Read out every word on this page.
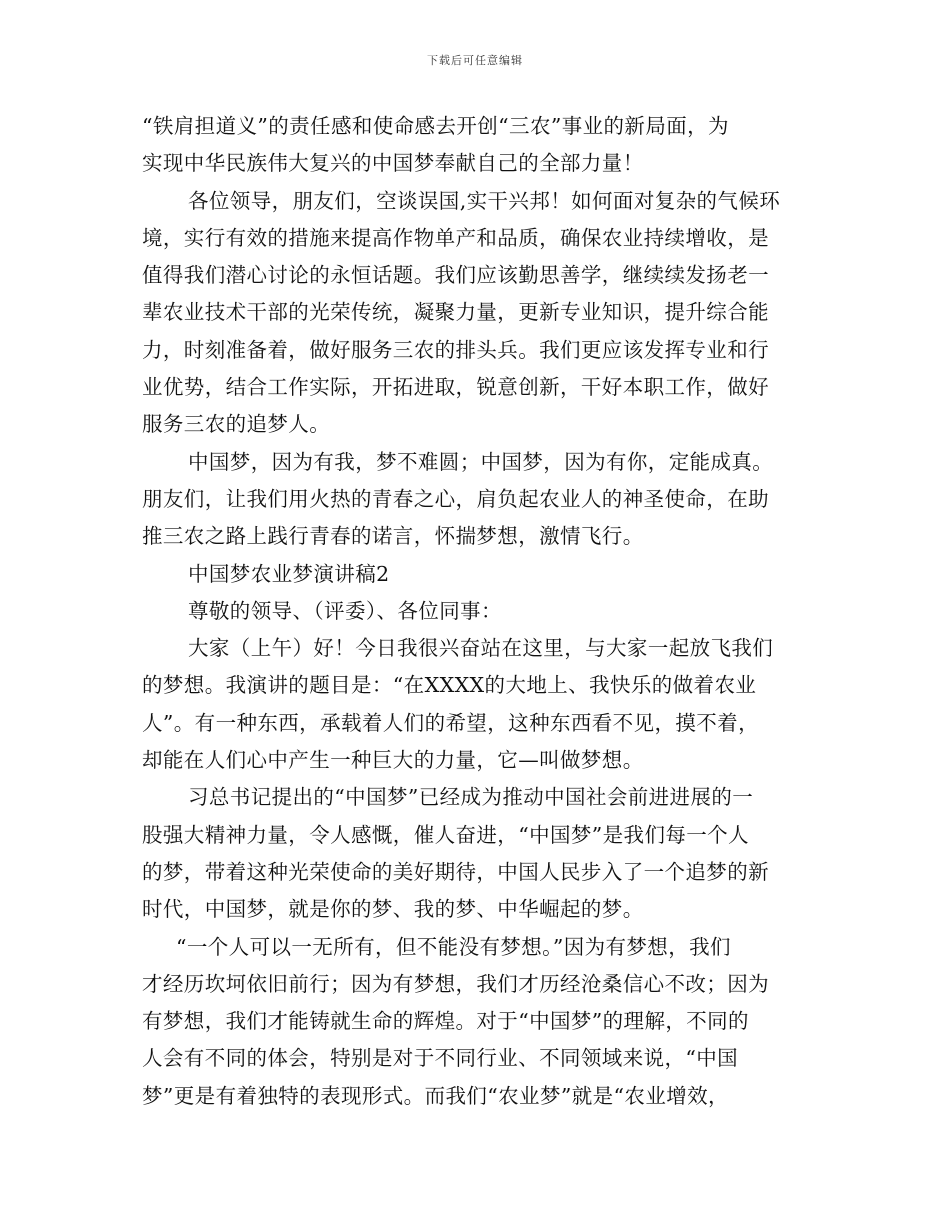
下载后可任意编辑
“铁肩担道义”的责任感和使命感去开创“三农”事业的新局面，为
实现中华民族伟大复兴的中国梦奉献自己的全部力量！
各位领导，朋友们，空谈误国,实干兴邦！如何面对复杂的气候环
境，实行有效的措施来提高作物单产和品质，确保农业持续增收，是
值得我们潜心讨论的永恒话题。我们应该勤思善学，继续续发扬老一
辈农业技术干部的光荣传统，凝聚力量，更新专业知识，提升综合能
力，时刻准备着，做好服务三农的排头兵。我们更应该发挥专业和行
业优势，结合工作实际，开拓进取，锐意创新，干好本职工作，做好
服务三农的追梦人。
中国梦，因为有我，梦不难圆；中国梦，因为有你，定能成真。
朋友们，让我们用火热的青春之心，肩负起农业人的神圣使命，在助
推三农之路上践行青春的诺言，怀揣梦想，激情飞行。
中国梦农业梦演讲稿2
尊敬的领导、（评委）、各位同事：
大家（上午）好！今日我很兴奋站在这里，与大家一起放飞我们
的梦想。我演讲的题目是：“在XXXX的大地上、我快乐的做着农业
人”。有一种东西，承载着人们的希望，这种东西看不见，摸不着，
却能在人们心中产生一种巨大的力量，它—叫做梦想。
习总书记提出的“中国梦”已经成为推动中国社会前进进展的一
股强大精神力量，令人感慨，催人奋进，“中国梦”是我们每一个人
的梦，带着这种光荣使命的美好期待，中国人民步入了一个追梦的新
时代，中国梦，就是你的梦、我的梦、中华崛起的梦。
“一个人可以一无所有，但不能没有梦想。”因为有梦想，我们
才经历坎坷依旧前行；因为有梦想，我们才历经沧桑信心不改；因为
有梦想，我们才能铸就生命的辉煌。对于“中国梦”的理解，不同的
人会有不同的体会，特别是对于不同行业、不同领域来说，“中国
梦”更是有着独特的表现形式。而我们“农业梦”就是“农业增效，
